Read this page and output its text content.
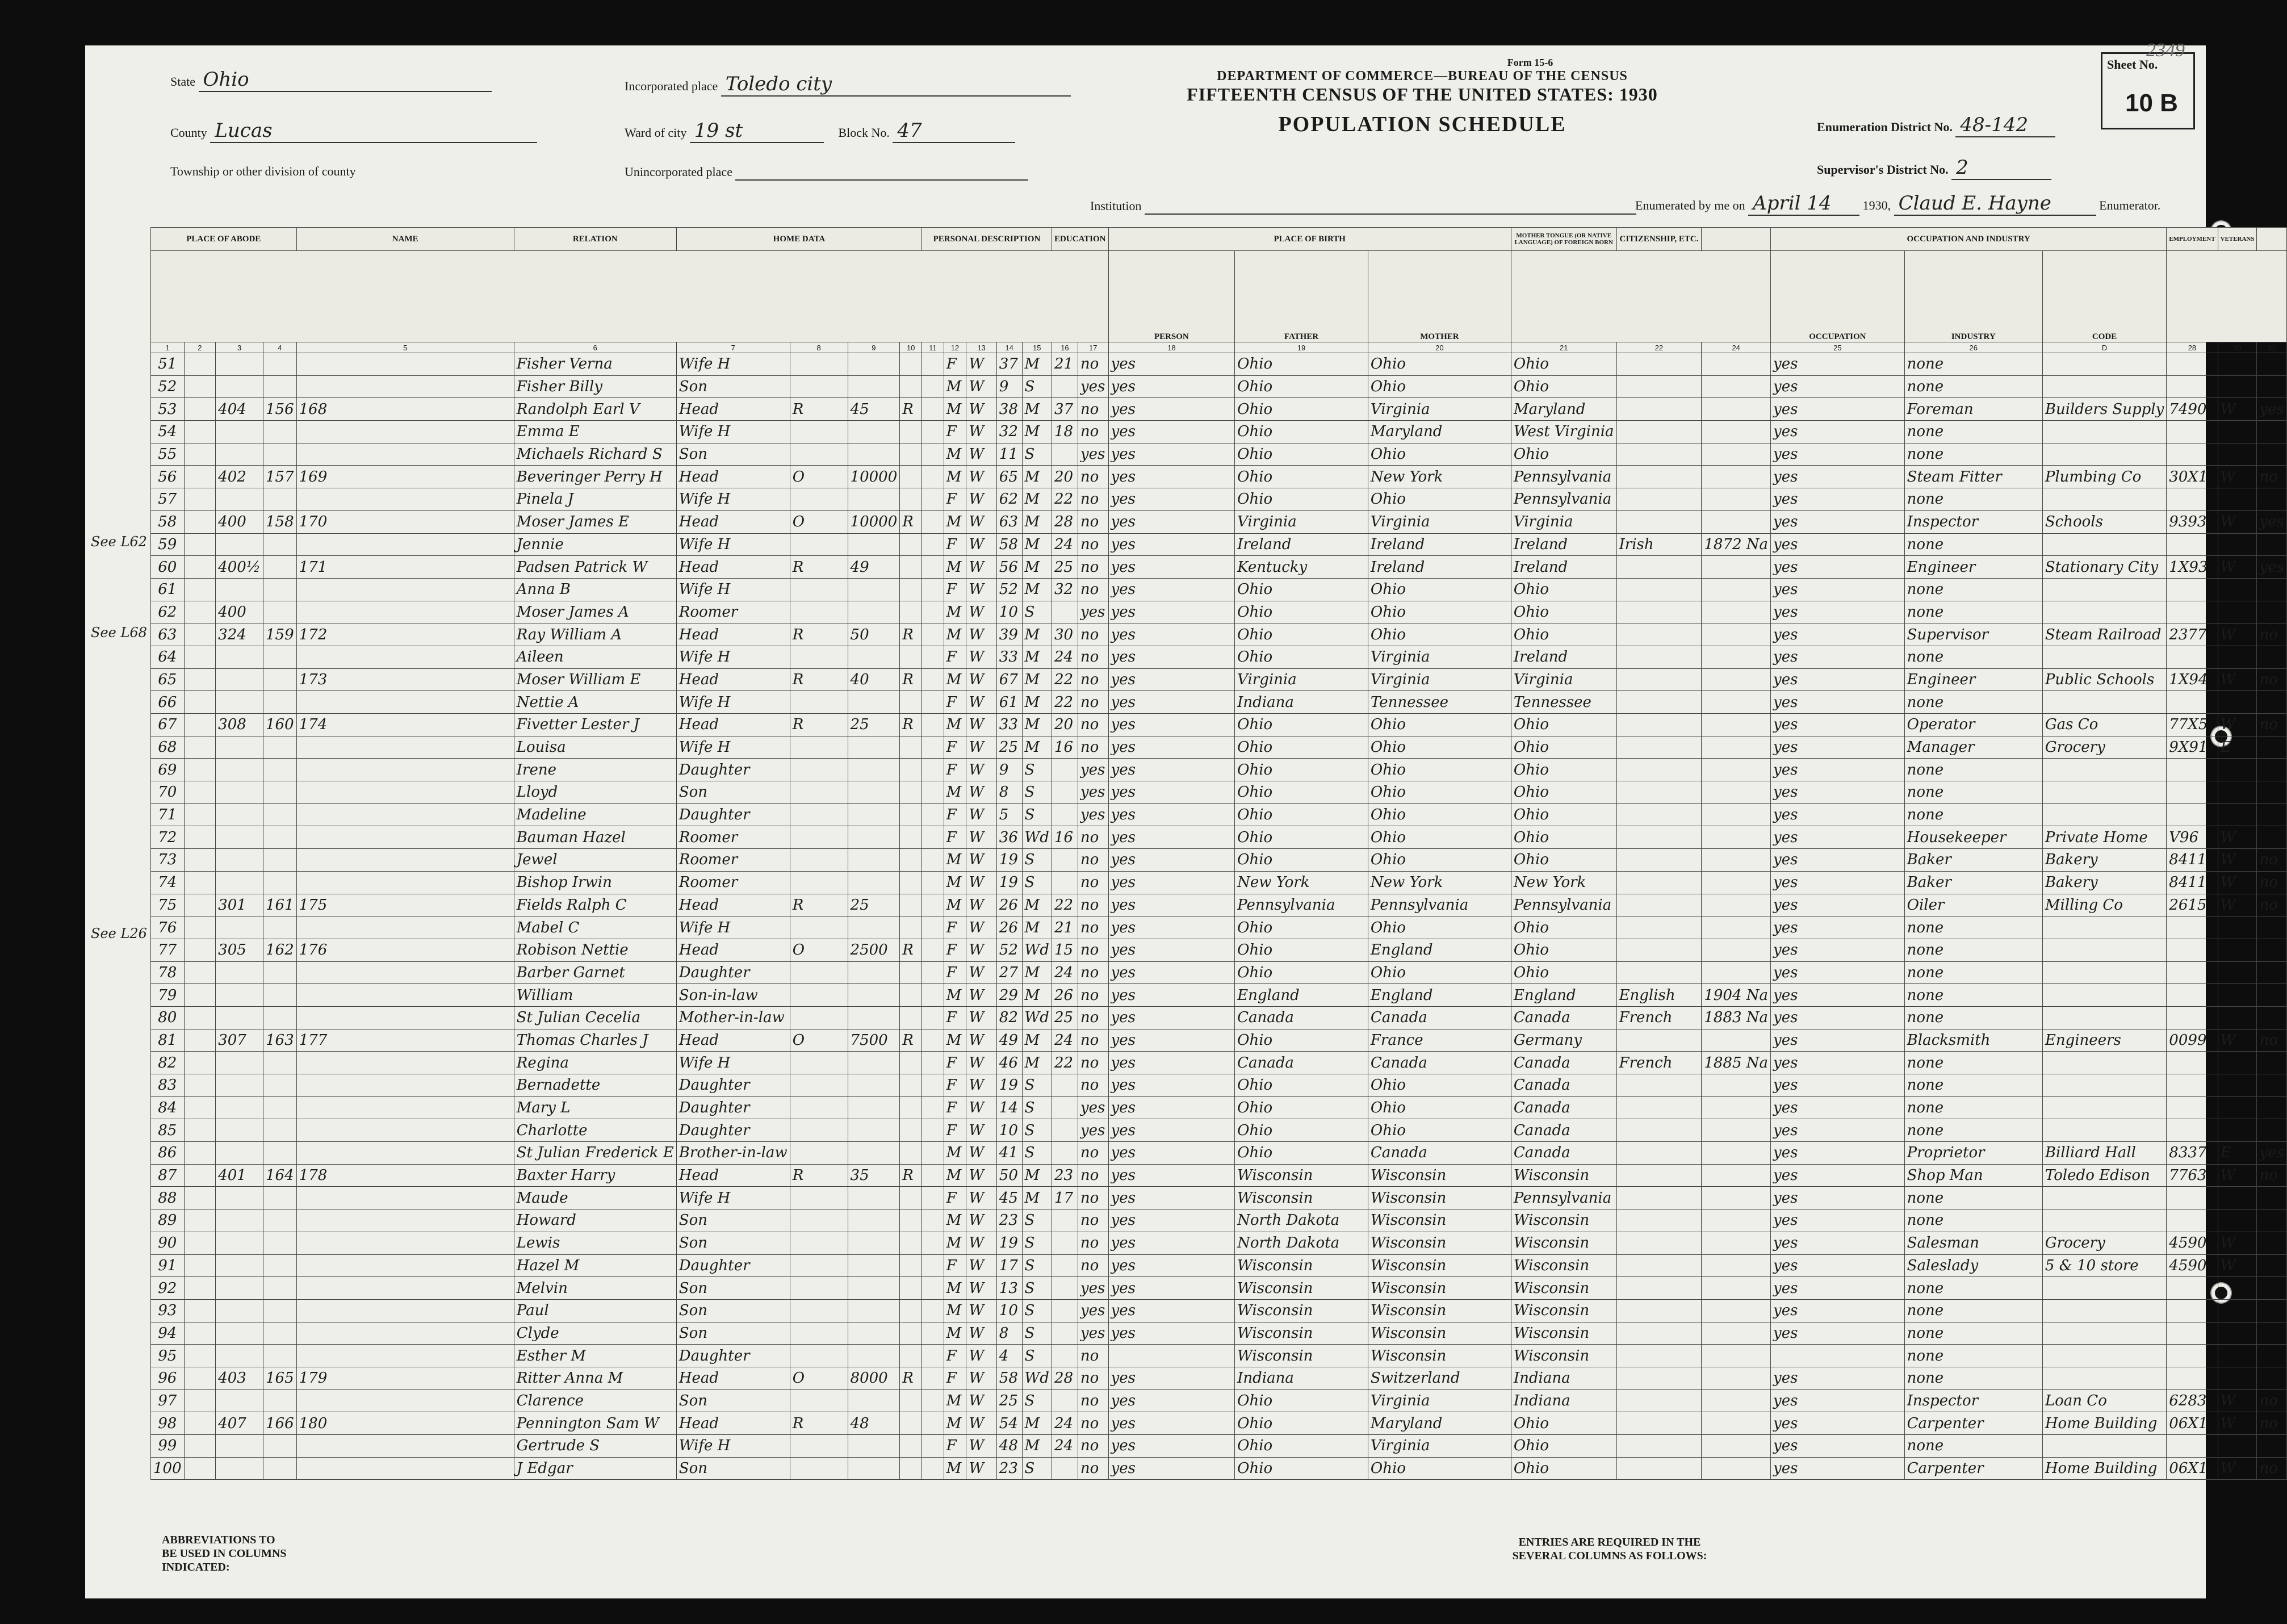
State Ohio
County Lucas
Township or other division of county
Incorporated place Toledo city
Ward of city 19 st	Block No. 47
Unincorporated place
Form 15-6
DEPARTMENT OF COMMERCE—BUREAU OF THE CENSUS
FIFTEENTH CENSUS OF THE UNITED STATES: 1930
POPULATION SCHEDULE
Institution
Enumeration District No. 48-142
Supervisor's District No. 2
Enumerated by me on April 14	1930, Claud E. Hayne	Enumerator.
Sheet No.
10 B
2349
See L62
See L68
See L26
PLACE OF ABODE				NAME	RELATION	HOME DATA				PERSONAL DESCRIPTION					EDUCATION		PLACE OF BIRTH			MOTHER TONGUE (OR NATIVE LANGUAGE) OF FOREIGN BORN	CITIZENSHIP, ETC.		OCCUPATION AND INDUSTRY			EMPLOYMENT	VETERANS	
																	PERSON	FATHER	MOTHER				OCCUPATION	INDUSTRY	CODE			
1	2	3	4	5	6	7	8	9	10	11	12	13	14	15	16	17	18	19	20	21	22	24	25	26	D	28	30	32
51					Fisher Verna	Wife H					F	W	37	M	21	no	yes	Ohio	Ohio	Ohio			yes	none				
52					Fisher Billy	Son					M	W	9	S		yes	yes	Ohio	Ohio	Ohio			yes	none				
53		404	156	168	Randolph Earl V	Head	R	45	R		M	W	38	M	37	no	yes	Ohio	Virginia	Maryland			yes	Foreman	Builders Supply	7490	W	yes
54					Emma E	Wife H					F	W	32	M	18	no	yes	Ohio	Maryland	West Virginia			yes	none				
55					Michaels Richard S	Son					M	W	11	S		yes	yes	Ohio	Ohio	Ohio			yes	none				
56		402	157	169	Beveringer Perry H	Head	O	10000			M	W	65	M	20	no	yes	Ohio	New York	Pennsylvania			yes	Steam Fitter	Plumbing Co	30X1	W	no
57					Pinela J	Wife H					F	W	62	M	22	no	yes	Ohio	Ohio	Pennsylvania			yes	none				
58		400	158	170	Moser James E	Head	O	10000	R		M	W	63	M	28	no	yes	Virginia	Virginia	Virginia			yes	Inspector	Schools	9393	W	yes
59					Jennie	Wife H					F	W	58	M	24	no	yes	Ireland	Ireland	Ireland	Irish	1872 Na	yes	none				
60		400½		171	Padsen Patrick W	Head	R	49			M	W	56	M	25	no	yes	Kentucky	Ireland	Ireland			yes	Engineer	Stationary City	1X93	W	yes
61					Anna B	Wife H					F	W	52	M	32	no	yes	Ohio	Ohio	Ohio			yes	none				
62		400			Moser James A	Roomer					M	W	10	S		yes	yes	Ohio	Ohio	Ohio			yes	none				
63		324	159	172	Ray William A	Head	R	50	R		M	W	39	M	30	no	yes	Ohio	Ohio	Ohio			yes	Supervisor	Steam Railroad	2377	W	no
64					Aileen	Wife H					F	W	33	M	24	no	yes	Ohio	Virginia	Ireland			yes	none				
65				173	Moser William E	Head	R	40	R		M	W	67	M	22	no	yes	Virginia	Virginia	Virginia			yes	Engineer	Public Schools	1X94	W	no
66					Nettie A	Wife H					F	W	61	M	22	no	yes	Indiana	Tennessee	Tennessee			yes	none				
67		308	160	174	Fivetter Lester J	Head	R	25	R		M	W	33	M	20	no	yes	Ohio	Ohio	Ohio			yes	Operator	Gas Co	77X5	W	no
68					Louisa	Wife H					F	W	25	M	16	no	yes	Ohio	Ohio	Ohio			yes	Manager	Grocery	9X91	E	
69					Irene	Daughter					F	W	9	S		yes	yes	Ohio	Ohio	Ohio			yes	none				
70					Lloyd	Son					M	W	8	S		yes	yes	Ohio	Ohio	Ohio			yes	none				
71					Madeline	Daughter					F	W	5	S		yes	yes	Ohio	Ohio	Ohio			yes	none				
72					Bauman Hazel	Roomer					F	W	36	Wd	16	no	yes	Ohio	Ohio	Ohio			yes	Housekeeper	Private Home	V96	W	
73					Jewel	Roomer					M	W	19	S		no	yes	Ohio	Ohio	Ohio			yes	Baker	Bakery	8411	W	no
74					Bishop Irwin	Roomer					M	W	19	S		no	yes	New York	New York	New York			yes	Baker	Bakery	8411	W	no
75		301	161	175	Fields Ralph C	Head	R	25			M	W	26	M	22	no	yes	Pennsylvania	Pennsylvania	Pennsylvania			yes	Oiler	Milling Co	2615	W	no
76					Mabel C	Wife H					F	W	26	M	21	no	yes	Ohio	Ohio	Ohio			yes	none				
77		305	162	176	Robison Nettie	Head	O	2500	R		F	W	52	Wd	15	no	yes	Ohio	England	Ohio			yes	none				
78					Barber Garnet	Daughter					F	W	27	M	24	no	yes	Ohio	Ohio	Ohio			yes	none				
79					William	Son-in-law					M	W	29	M	26	no	yes	England	England	England	English	1904 Na	yes	none				
80					St Julian Cecelia	Mother-in-law					F	W	82	Wd	25	no	yes	Canada	Canada	Canada	French	1883 Na	yes	none				
81		307	163	177	Thomas Charles J	Head	O	7500	R		M	W	49	M	24	no	yes	Ohio	France	Germany			yes	Blacksmith	Engineers	0099	W	no
82					Regina	Wife H					F	W	46	M	22	no	yes	Canada	Canada	Canada	French	1885 Na	yes	none				
83					Bernadette	Daughter					F	W	19	S		no	yes	Ohio	Ohio	Canada			yes	none				
84					Mary L	Daughter					F	W	14	S		yes	yes	Ohio	Ohio	Canada			yes	none				
85					Charlotte	Daughter					F	W	10	S		yes	yes	Ohio	Ohio	Canada			yes	none				
86					St Julian Frederick E	Brother-in-law					M	W	41	S		no	yes	Ohio	Canada	Canada			yes	Proprietor	Billiard Hall	8337	E	yes
87		401	164	178	Baxter Harry	Head	R	35	R		M	W	50	M	23	no	yes	Wisconsin	Wisconsin	Wisconsin			yes	Shop Man	Toledo Edison	7763	W	no
88					Maude	Wife H					F	W	45	M	17	no	yes	Wisconsin	Wisconsin	Pennsylvania			yes	none				
89					Howard	Son					M	W	23	S		no	yes	North Dakota	Wisconsin	Wisconsin			yes	none				
90					Lewis	Son					M	W	19	S		no	yes	North Dakota	Wisconsin	Wisconsin			yes	Salesman	Grocery	4590	W	
91					Hazel M	Daughter					F	W	17	S		no	yes	Wisconsin	Wisconsin	Wisconsin			yes	Saleslady	5 & 10 store	4590	W	
92					Melvin	Son					M	W	13	S		yes	yes	Wisconsin	Wisconsin	Wisconsin			yes	none				
93					Paul	Son					M	W	10	S		yes	yes	Wisconsin	Wisconsin	Wisconsin			yes	none				
94					Clyde	Son					M	W	8	S		yes	yes	Wisconsin	Wisconsin	Wisconsin			yes	none				
95					Esther M	Daughter					F	W	4	S		no		Wisconsin	Wisconsin	Wisconsin				none				
96		403	165	179	Ritter Anna M	Head	O	8000	R		F	W	58	Wd	28	no	yes	Indiana	Switzerland	Indiana			yes	none				
97					Clarence	Son					M	W	25	S		no	yes	Ohio	Virginia	Indiana			yes	Inspector	Loan Co	6283	W	no
98		407	166	180	Pennington Sam W	Head	R	48			M	W	54	M	24	no	yes	Ohio	Maryland	Ohio			yes	Carpenter	Home Building	06X1	W	no
99					Gertrude S	Wife H					F	W	48	M	24	no	yes	Ohio	Virginia	Ohio			yes	none				
100					J Edgar	Son					M	W	23	S		no	yes	Ohio	Ohio	Ohio			yes	Carpenter	Home Building	06X1	W	no
ABBREVIATIONS TO BE USED IN COLUMNS INDICATED:
ENTRIES ARE REQUIRED IN THE SEVERAL COLUMNS AS FOLLOWS:
